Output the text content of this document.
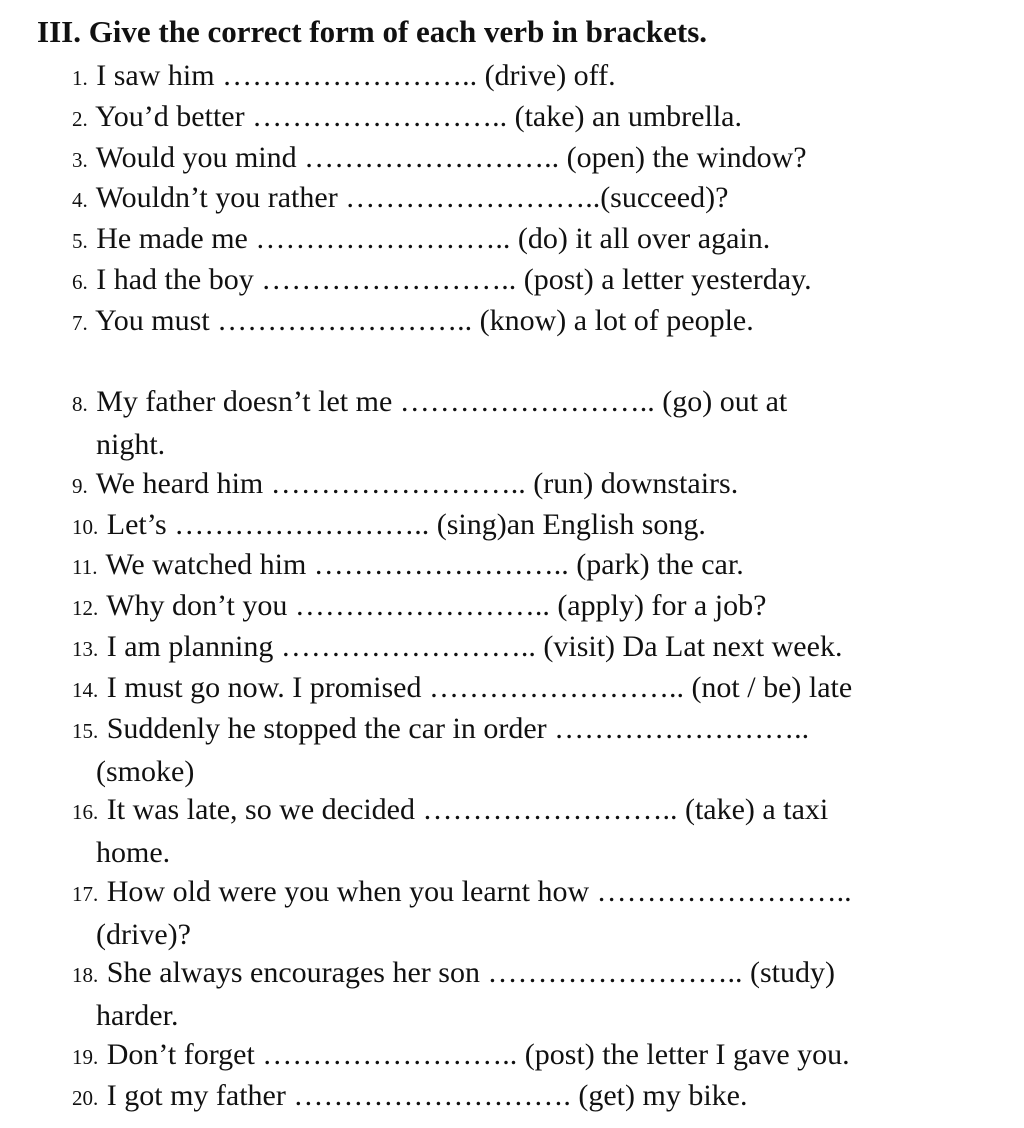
III. Give the correct form of each verb in brackets.
1. I saw him …………………….. (drive) off.
2. You’d better …………………….. (take) an umbrella.
3. Would you mind …………………….. (open) the window?
4. Wouldn’t you rather ……………………..(succeed)?
5. He made me …………………….. (do) it all over again.
6. I had the boy …………………….. (post) a letter yesterday.
7. You must …………………….. (know) a lot of people.
8. My father doesn’t let me …………………….. (go) out at
night.
9. We heard him …………………….. (run) downstairs.
10. Let’s …………………….. (sing)an English song.
11. We watched him …………………….. (park) the car.
12. Why don’t you …………………….. (apply) for a job?
13. I am planning …………………….. (visit) Da Lat next week.
14. I must go now. I promised …………………….. (not / be) late
15. Suddenly he stopped the car in order ……………………..
(smoke)
16. It was late, so we decided …………………….. (take) a taxi
home.
17. How old were you when you learnt how ……………………..
(drive)?
18. She always encourages her son …………………….. (study)
harder.
19. Don’t forget …………………….. (post) the letter I gave you.
20. I got my father ………………………. (get) my bike.
